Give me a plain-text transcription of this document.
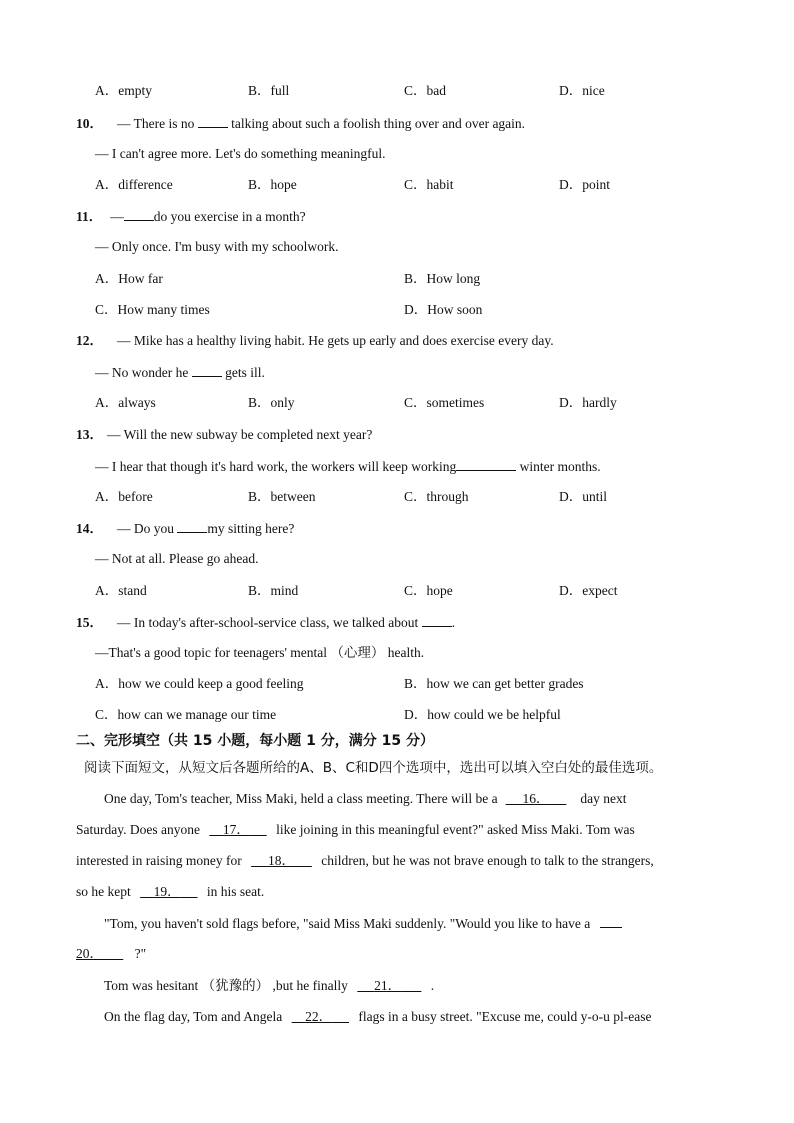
A．empty	B．full	C．bad	D．nice
10． — There is no	talking about such a foolish thing over and over again.
— I can't agree more. Let's do something meaningful.
A．difference	B．hope	C．habit	D．point
11． — do you exercise in a month?
— Only once. I'm busy with my schoolwork.
A．How far	B．How long
C．How many times	D．How soon
12． — Mike has a healthy living habit. He gets up early and does exercise every day.
— No wonder he	gets ill.
A．always	B．only	C．sometimes	D．hardly
13． — Will the new subway be completed next year?
— I hear that though it's hard work, the workers will keep working	winter months.
A．before	B．between	C．through	D．until
14． — Do you my sitting here?
— Not at all. Please go ahead.
A．stand	B．mind	C．hope	D．expect
15． — In today's after-school-service class, we talked about .
—That's a good topic for teenagers' mental （心理） health.
A．how we could keep a good feeling	B．how we can get better grades
C．how can we manage our time	D．how could we be helpful
二、完形填空（共 15 小题，每小题 1 分，满分 15 分）
阅读下面短文，从短文后各题所给的A、B、C和D四个选项中，选出可以填入空白处的最佳选项。
One day, Tom's teacher, Miss Maki, held a class meeting. There will be a 16． day next
Saturday. Does anyone 17． like joining in this meaningful event?" asked Miss Maki. Tom was
interested in raising money for 18． children, but he was not brave enough to talk to the strangers,
so he kept 19． in his seat.
"Tom, you haven't sold flags before, "said Miss Maki suddenly. "Would you like to have a
20． ?"
Tom was hesitant （犹豫的） ,but he finally 21． .
On the flag day, Tom and Angela 22． flags in a busy street. "Excuse me, could y-o-u pl-ease
